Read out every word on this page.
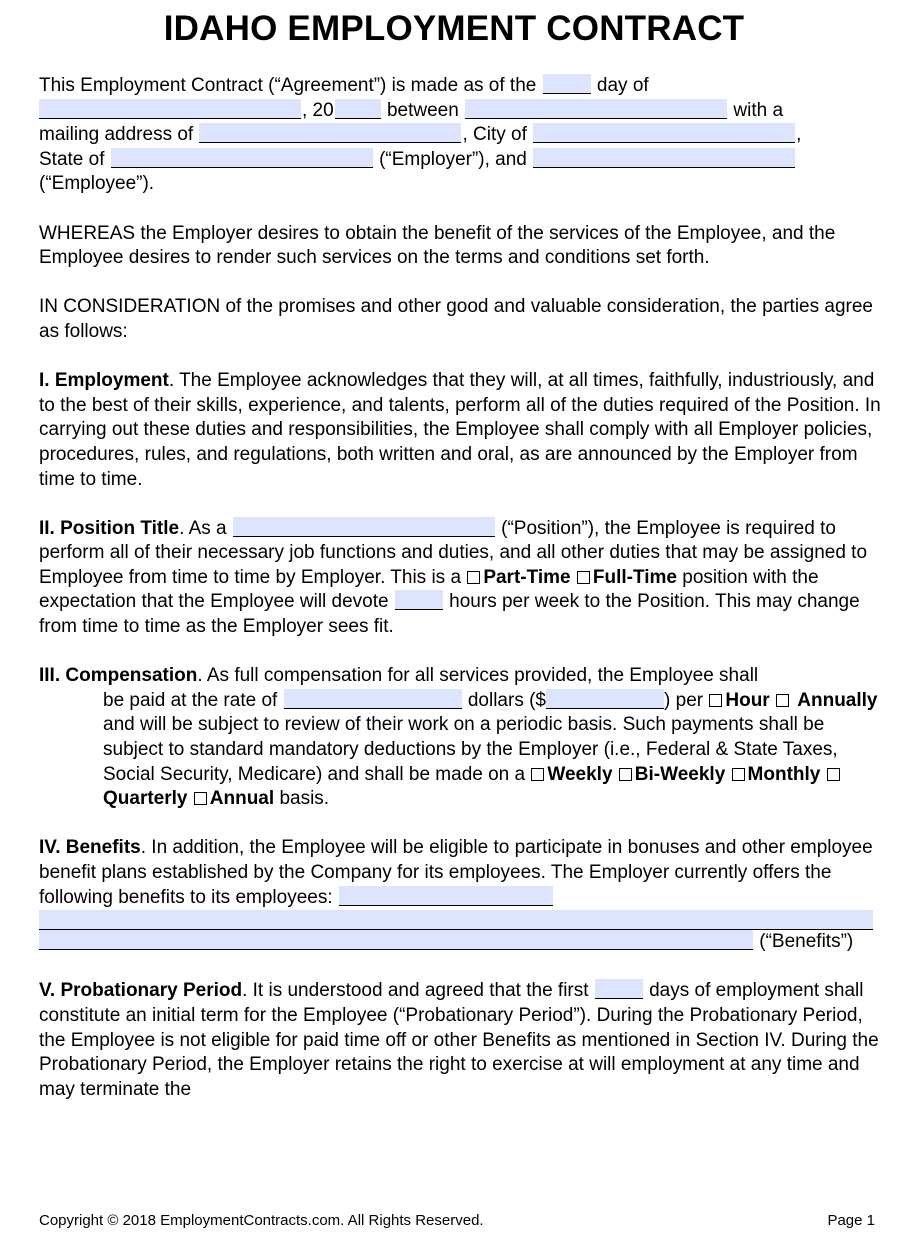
IDAHO EMPLOYMENT CONTRACT

This Employment Contract (“Agreement”) is made as of the	day of
, 20	between	with a
mailing address of	, City of	,
State of	(“Employer”), and
(“Employee”).

WHEREAS the Employer desires to obtain the benefit of the services of the Employee, and the Employee desires to render such services on the terms and conditions set forth.

IN CONSIDERATION of the promises and other good and valuable consideration, the parties agree as follows:

I. Employment. The Employee acknowledges that they will, at all times, faithfully, industriously, and to the best of their skills, experience, and talents, perform all of the duties required of the Position. In carrying out these duties and responsibilities, the Employee shall comply with all Employer policies, procedures, rules, and regulations, both written and oral, as are announced by the Employer from time to time.

II. Position Title. As a	(“Position”), the Employee is required to perform all of their necessary job functions and duties, and all other duties that may be assigned to Employee from time to time by Employer. This is a Part-Time Full-Time position with the expectation that the Employee will devote	hours per week to the Position. This may change from time to time as the Employer sees fit.

III. Compensation. As full compensation for all services provided, the Employee shall

be paid at the rate of	dollars ($	) per Hour Annually and will be subject to review of their work on a periodic basis. Such payments shall be subject to standard mandatory deductions by the Employer (i.e., Federal & State Taxes, Social Security, Medicare) and shall be made on a Weekly Bi-Weekly Monthly Quarterly Annual basis.

IV. Benefits. In addition, the Employee will be eligible to participate in bonuses and other employee benefit plans established by the Company for its employees. The Employer currently offers the following benefits to its employees:
(“Benefits”)

V. Probationary Period. It is understood and agreed that the first	days of employment shall constitute an initial term for the Employee (“Probationary Period”). During the Probationary Period, the Employee is not eligible for paid time off or other Benefits as mentioned in Section IV. During the Probationary Period, the Employer retains the right to exercise at will employment at any time and may terminate the

Copyright © 2018 EmploymentContracts.com. All Rights Reserved.	Page 1
